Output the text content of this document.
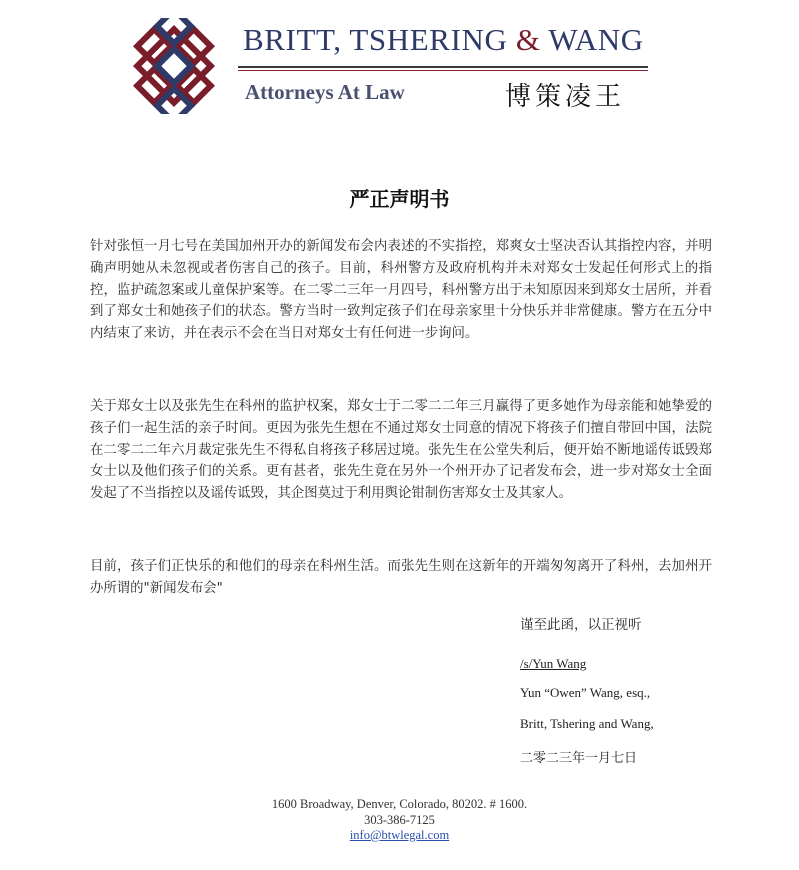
BRITT, TSHERING & WANG
Attorneys At Law	博策凌王
严正声明书

针对张恒一月七号在美国加州开办的新闻发布会内表述的不实指控，郑爽女士坚决否认其指控内容，并明确声明她从未忽视或者伤害自己的孩子。目前，科州警方及政府机构并未对郑女士发起任何形式上的指控，监护疏忽案或儿童保护案等。在二零二三年一月四号，科州警方出于未知原因来到郑女士居所，并看到了郑女士和她孩子们的状态。警方当时一致判定孩子们在母亲家里十分快乐并非常健康。警方在五分中内结束了来访，并在表示不会在当日对郑女士有任何进一步询问。

关于郑女士以及张先生在科州的监护权案，郑女士于二零二二年三月赢得了更多她作为母亲能和她挚爱的孩子们一起生活的亲子时间。更因为张先生想在不通过郑女士同意的情况下将孩子们擅自带回中国，法院在二零二二年六月裁定张先生不得私自将孩子移居过境。张先生在公堂失利后，便开始不断地谣传诋毁郑女士以及他们孩子们的关系。更有甚者，张先生竟在另外一个州开办了记者发布会，进一步对郑女士全面发起了不当指控以及谣传诋毁，其企图莫过于利用舆论钳制伤害郑女士及其家人。

目前，孩子们正快乐的和他们的母亲在科州生活。而张先生则在这新年的开端匆匆离开了科州，去加州开办所谓的"新闻发布会"

谨至此函，以正视听
/s/Yun Wang
Yun “Owen” Wang, esq.,
Britt, Tshering and Wang,
二零二三年一月七日
1600 Broadway, Denver, Colorado, 80202. # 1600.
303-386-7125
info@btwlegal.com
